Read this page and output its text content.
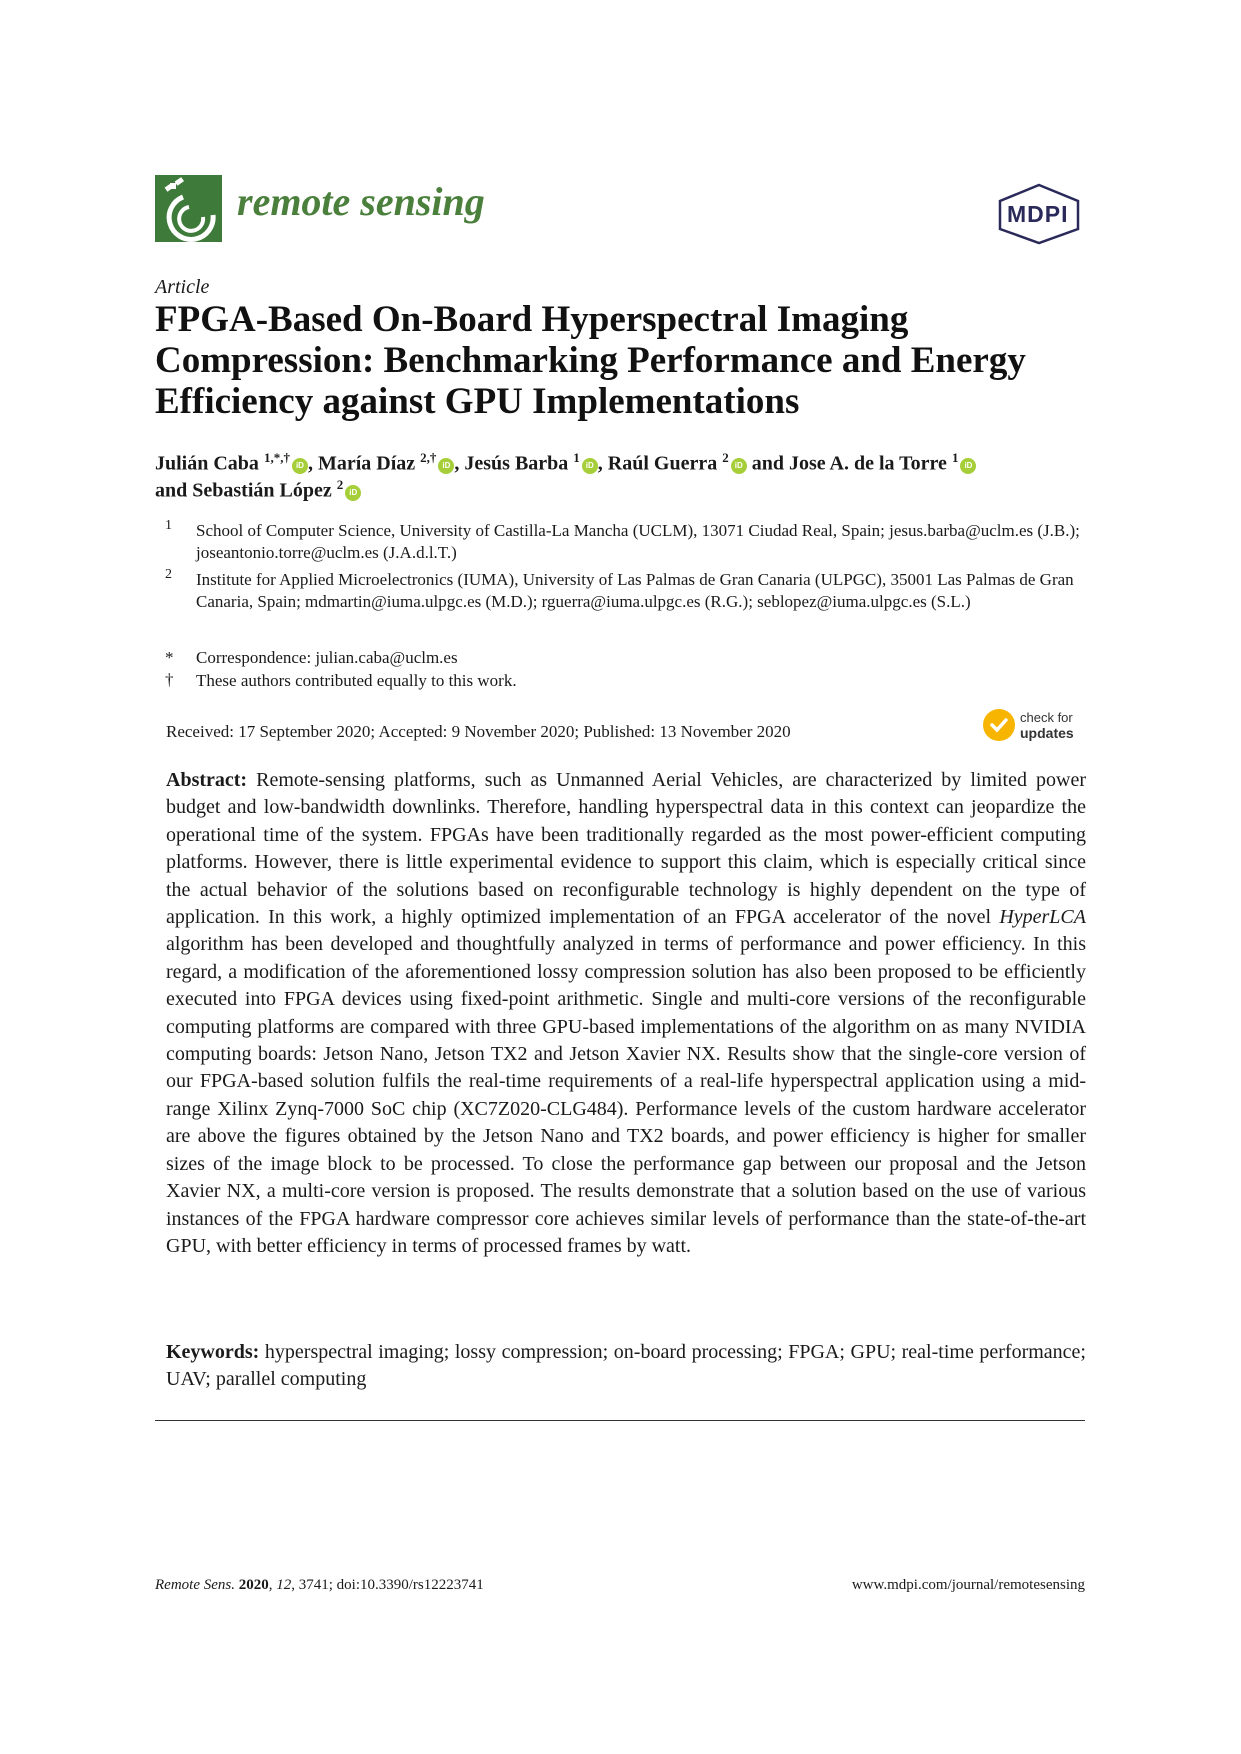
remote sensing	MDPI
Article
FPGA-Based On-Board Hyperspectral Imaging Compression: Benchmarking Performance and Energy Efficiency against GPU Implementations
Julián Caba $^{1,*,\dagger}$iD , María Díaz $^{2,\dagger}$iD , Jesús Barba $^1$iD , Raúl Guerra $^2$iD and Jose A. de la Torre $^1$iD
and Sebastián López $^2$iD
1 School of Computer Science, University of Castilla-La Mancha (UCLM), 13071 Ciudad Real, Spain; jesus.barba@uclm.es (J.B.); joseantonio.torre@uclm.es (J.A.d.l.T.)
2 Institute for Applied Microelectronics (IUMA), University of Las Palmas de Gran Canaria (ULPGC), 35001 Las Palmas de Gran Canaria, Spain; mdmartin@iuma.ulpgc.es (M.D.); rguerra@iuma.ulpgc.es (R.G.); seblopez@iuma.ulpgc.es (S.L.)
* Correspondence: julian.caba@uclm.es
† These authors contributed equally to this work.
Received: 17 September 2020; Accepted: 9 November 2020; Published: 13 November 2020
check for
updates
Abstract: Remote-sensing platforms, such as Unmanned Aerial Vehicles, are characterized by limited power budget and low-bandwidth downlinks. Therefore, handling hyperspectral data in this context can jeopardize the operational time of the system. FPGAs have been traditionally regarded as the most power-efficient computing platforms. However, there is little experimental evidence to support this claim, which is especially critical since the actual behavior of the solutions based on reconfigurable technology is highly dependent on the type of application. In this work, a highly optimized implementation of an FPGA accelerator of the novel HyperLCA algorithm has been developed and thoughtfully analyzed in terms of performance and power efficiency. In this regard, a modification of the aforementioned lossy compression solution has also been proposed to be efficiently executed into FPGA devices using fixed-point arithmetic. Single and multi-core versions of the reconfigurable computing platforms are compared with three GPU-based implementations of the algorithm on as many NVIDIA computing boards: Jetson Nano, Jetson TX2 and Jetson Xavier NX. Results show that the single-core version of our FPGA-based solution fulfils the real-time requirements of a real-life hyperspectral application using a mid-range Xilinx Zynq-7000 SoC chip (XC7Z020-CLG484). Performance levels of the custom hardware accelerator are above the figures obtained by the Jetson Nano and TX2 boards, and power efficiency is higher for smaller sizes of the image block to be processed. To close the performance gap between our proposal and the Jetson Xavier NX, a multi-core version is proposed. The results demonstrate that a solution based on the use of various instances of the FPGA hardware compressor core achieves similar levels of performance than the state-of-the-art GPU, with better efficiency in terms of processed frames by watt.
Keywords: hyperspectral imaging; lossy compression; on-board processing; FPGA; GPU; real-time performance; UAV; parallel computing
Remote Sens. 2020, 12, 3741; doi:10.3390/rs12223741	www.mdpi.com/journal/remotesensing
